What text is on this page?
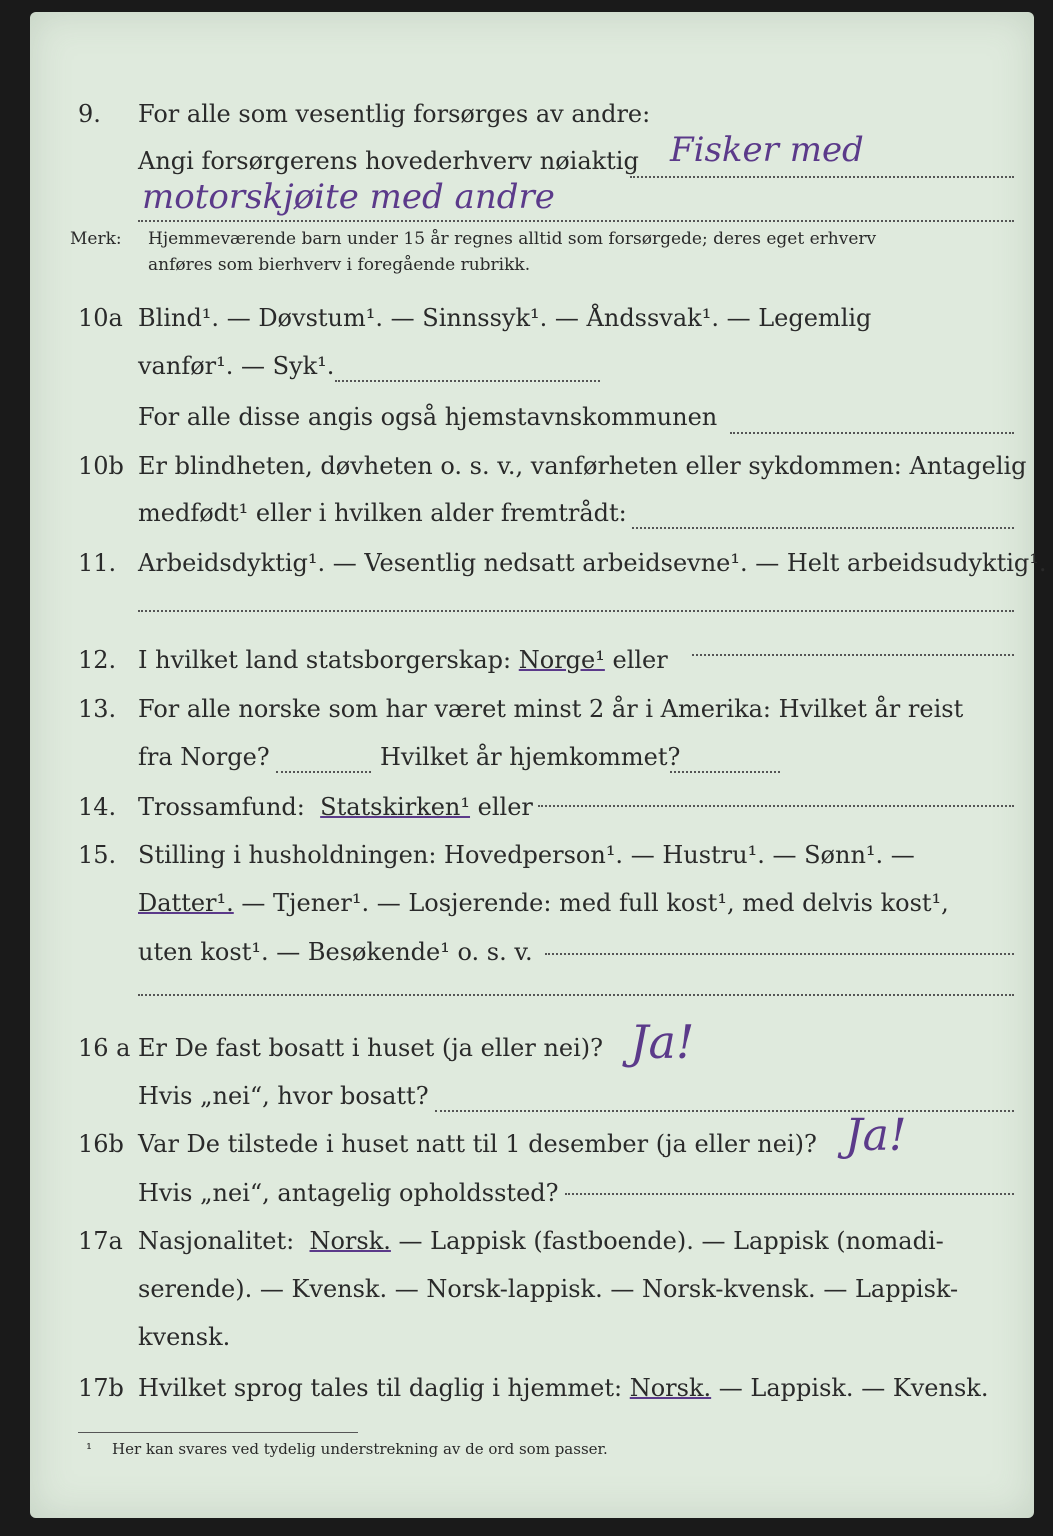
9. For alle som vesentlig forsørges av andre:
Angi forsørgerens hovederhverv nøiaktig Fisker med
motorskjøite med andre
Merk: Hjemmeværende barn under 15 år regnes alltid som forsørgede; deres eget erhverv
anføres som bierhverv i foregående rubrikk.
10a Blind¹. — Døvstum¹. — Sinnssyk¹. — Åndssvak¹. — Legemlig
vanfør¹. — Syk¹.
For alle disse angis også hjemstavnskommunen
10b Er blindheten, døvheten o. s. v., vanførheten eller sykdommen: Antagelig
medfødt¹ eller i hvilken alder fremtrådt:
11. Arbeidsdyktig¹. — Vesentlig nedsatt arbeidsevne¹. — Helt arbeidsudyktig¹.
12. I hvilket land statsborgerskap: Norge¹ eller
13. For alle norske som har været minst 2 år i Amerika: Hvilket år reist
fra Norge?	Hvilket år hjemkommet?
14. Trossamfund: Statskirken¹ eller
15. Stilling i husholdningen: Hovedperson¹. — Hustru¹. — Sønn¹. —
Datter¹. — Tjener¹. — Losjerende: med full kost¹, med delvis kost¹,
uten kost¹. — Besøkende¹ o. s. v.
16 a Er De fast bosatt i huset (ja eller nei)? Ja!
Hvis „nei“, hvor bosatt?
16b Var De tilstede i huset natt til 1 desember (ja eller nei)? Ja!
Hvis „nei“, antagelig opholdssted?
17a Nasjonalitet: Norsk. — Lappisk (fastboende). — Lappisk (nomadi-
serende). — Kvensk. — Norsk-lappisk. — Norsk-kvensk. — Lappisk-
kvensk.
17b Hvilket sprog tales til daglig i hjemmet: Norsk. — Lappisk. — Kvensk.
¹ Her kan svares ved tydelig understrekning av de ord som passer.
